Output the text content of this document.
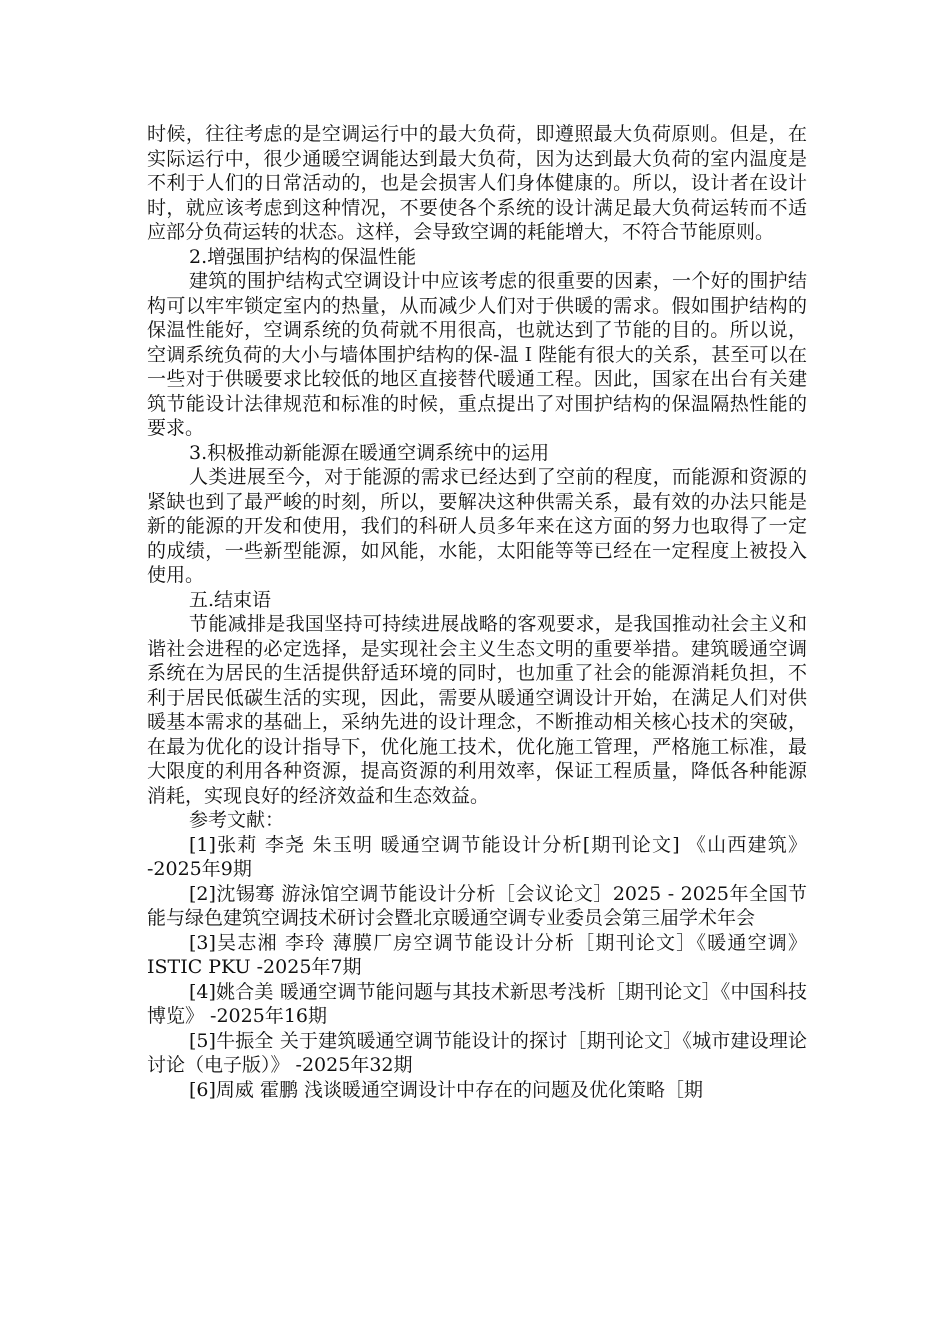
时候，往往考虑的是空调运行中的最大负荷，即遵照最大负荷原则。但是，在实际运行中，很少通暖空调能达到最大负荷，因为达到最大负荷的室内温度是不利于人们的日常活动的，也是会损害人们身体健康的。所以，设计者在设计时，就应该考虑到这种情况，不要使各个系统的设计满足最大负荷运转而不适应部分负荷运转的状态。这样，会导致空调的耗能增大，不符合节能原则。

2.增强围护结构的保温性能

建筑的围护结构式空调设计中应该考虑的很重要的因素，一个好的围护结构可以牢牢锁定室内的热量，从而减少人们对于供暖的需求。假如围护结构的保温性能好，空调系统的负荷就不用很高，也就达到了节能的目的。所以说，空调系统负荷的大小与墙体围护结构的保-温Ｉ陛能有很大的关系，甚至可以在一些对于供暖要求比较低的地区直接替代暖通工程。因此，国家在出台有关建筑节能设计法律规范和标准的时候，重点提出了对围护结构的保温隔热性能的要求。

3.积极推动新能源在暖通空调系统中的运用

人类进展至今，对于能源的需求已经达到了空前的程度，而能源和资源的紧缺也到了最严峻的时刻，所以，要解决这种供需关系，最有效的办法只能是新的能源的开发和使用，我们的科研人员多年来在这方面的努力也取得了一定的成绩，一些新型能源，如风能，水能，太阳能等等已经在一定程度上被投入使用。

五.结束语

节能减排是我国坚持可持续进展战略的客观要求，是我国推动社会主义和谐社会进程的必定选择，是实现社会主义生态文明的重要举措。建筑暖通空调系统在为居民的生活提供舒适环境的同时，也加重了社会的能源消耗负担，不利于居民低碳生活的实现，因此，需要从暖通空调设计开始，在满足人们对供暖基本需求的基础上，采纳先进的设计理念，不断推动相关核心技术的突破，在最为优化的设计指导下，优化施工技术，优化施工管理，严格施工标准，最大限度的利用各种资源，提高资源的利用效率，保证工程质量，降低各种能源消耗，实现良好的经济效益和生态效益。

参考文献：

[1]张莉 李尧 朱玉明 暖通空调节能设计分析[期刊论文] 《山西建筑》 -2025年9期

[2]沈锡骞 游泳馆空调节能设计分析［会议论文］2025 - 2025年全国节能与绿色建筑空调技术研讨会暨北京暖通空调专业委员会第三届学术年会

[3]吴志湘 李玲 薄膜厂房空调节能设计分析［期刊论文］《暖通空调》 ISTIC PKU -2025年7期

[4]姚合美 暖通空调节能问题与其技术新思考浅析［期刊论文］《中国科技博览》 -2025年16期

[5]牛振全 关于建筑暖通空调节能设计的探讨［期刊论文］《城市建设理论讨论（电子版）》 -2025年32期

[6]周威 霍鹏 浅谈暖通空调设计中存在的问题及优化策略［期
